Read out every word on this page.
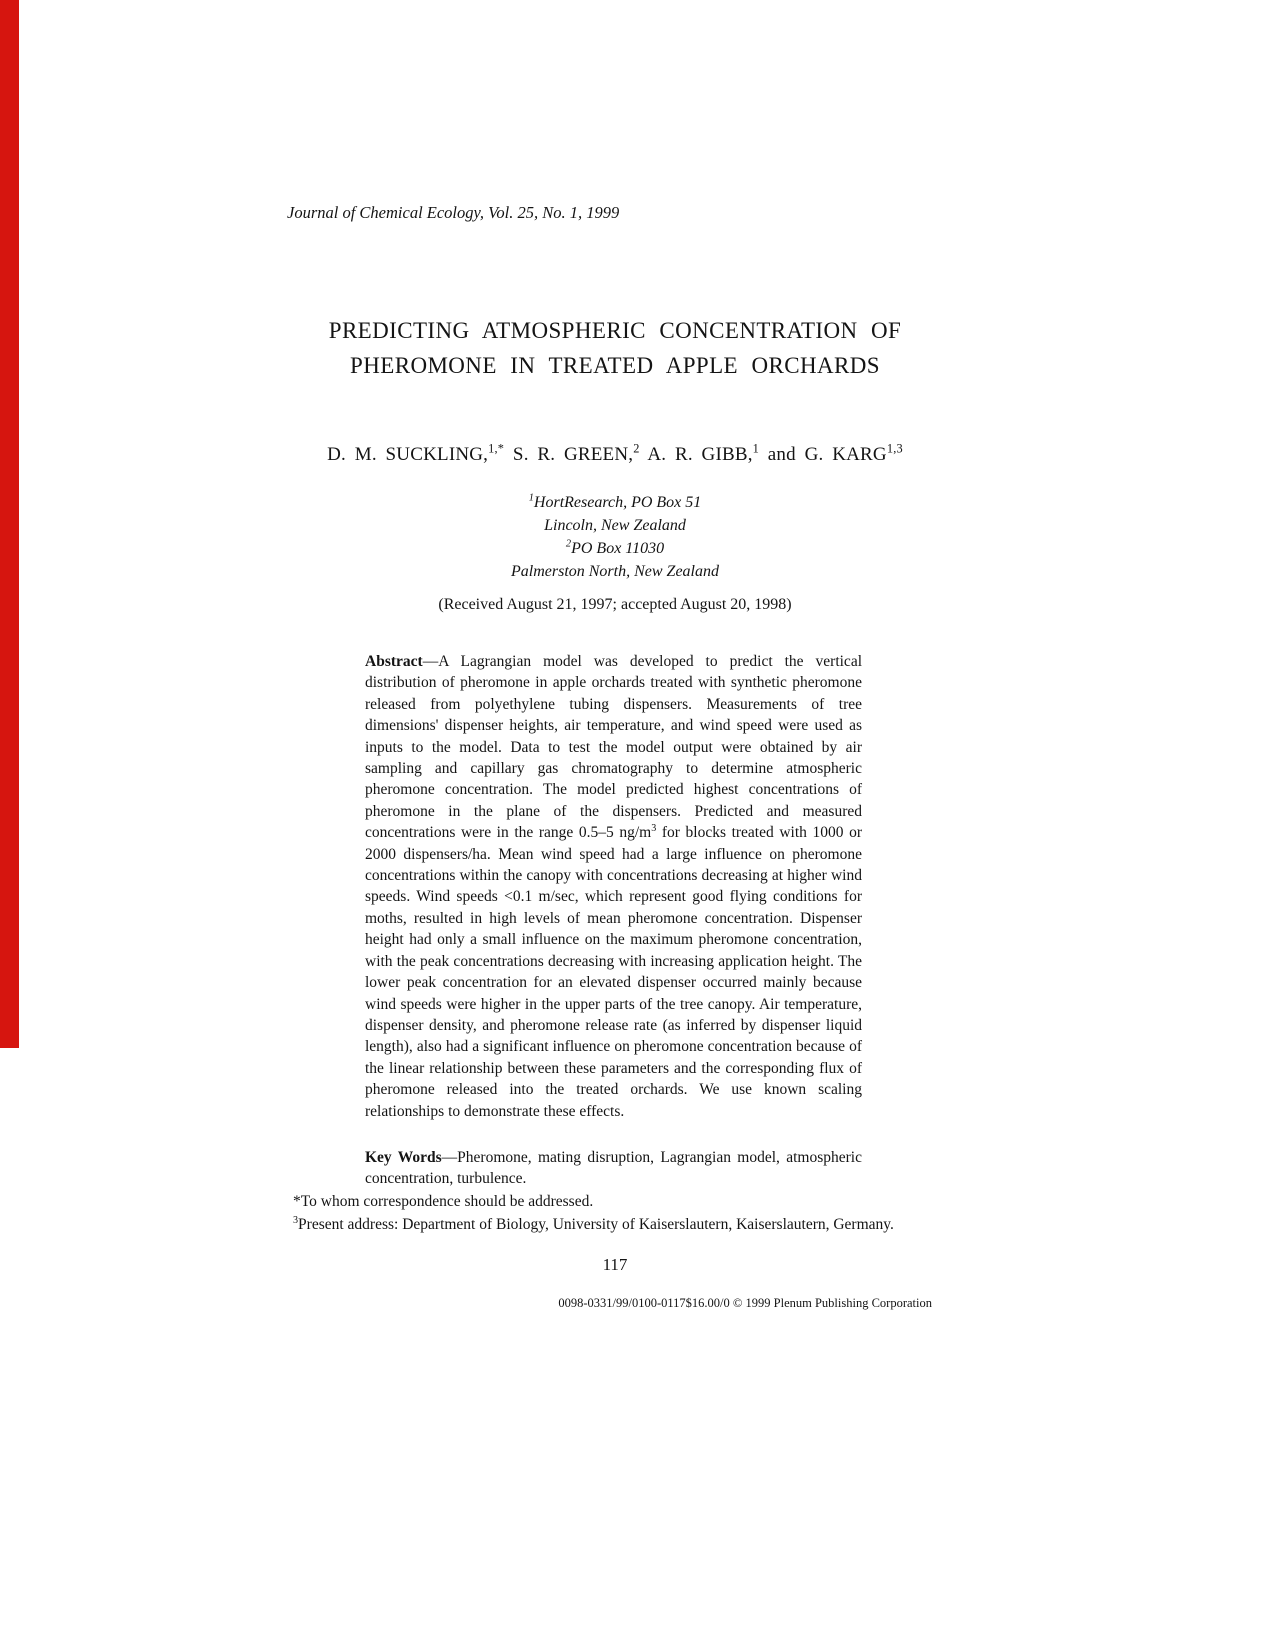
Journal of Chemical Ecology, Vol. 25, No. 1, 1999
PREDICTING ATMOSPHERIC CONCENTRATION OF
PHEROMONE IN TREATED APPLE ORCHARDS
D. M. SUCKLING,$^{1,*}$ S. R. GREEN,$^2$ A. R. GIBB,$^1$ and G. KARG$^{1,3}$
$^1$HortResearch, PO Box 51
Lincoln, New Zealand
$^2$PO Box 11030
Palmerston North, New Zealand
(Received August 21, 1997; accepted August 20, 1998)
Abstract—A Lagrangian model was developed to predict the vertical distribution of pheromone in apple orchards treated with synthetic pheromone released from polyethylene tubing dispensers. Measurements of tree dimensions' dispenser heights, air temperature, and wind speed were used as inputs to the model. Data to test the model output were obtained by air sampling and capillary gas chromatography to determine atmospheric pheromone concentration. The model predicted highest concentrations of pheromone in the plane of the dispensers. Predicted and measured concentrations were in the range 0.5–5 $ng/m^3$ for blocks treated with 1000 or 2000 dispensers/ha. Mean wind speed had a large influence on pheromone concentrations within the canopy with concentrations decreasing at higher wind speeds. Wind speeds <0.1 m/sec, which represent good flying conditions for moths, resulted in high levels of mean pheromone concentration. Dispenser height had only a small influence on the maximum pheromone concentration, with the peak concentrations decreasing with increasing application height. The lower peak concentration for an elevated dispenser occurred mainly because wind speeds were higher in the upper parts of the tree canopy. Air temperature, dispenser density, and pheromone release rate (as inferred by dispenser liquid length), also had a significant influence on pheromone concentration because of the linear relationship between these parameters and the corresponding flux of pheromone released into the treated orchards. We use known scaling relationships to demonstrate these effects.
Key Words—Pheromone, mating disruption, Lagrangian model, atmospheric concentration, turbulence.
*To whom correspondence should be addressed.
$^3$Present address: Department of Biology, University of Kaiserslautern, Kaiserslautern, Germany.
117
0098-0331/99/0100-0117$16.00/0 © 1999 Plenum Publishing Corporation
